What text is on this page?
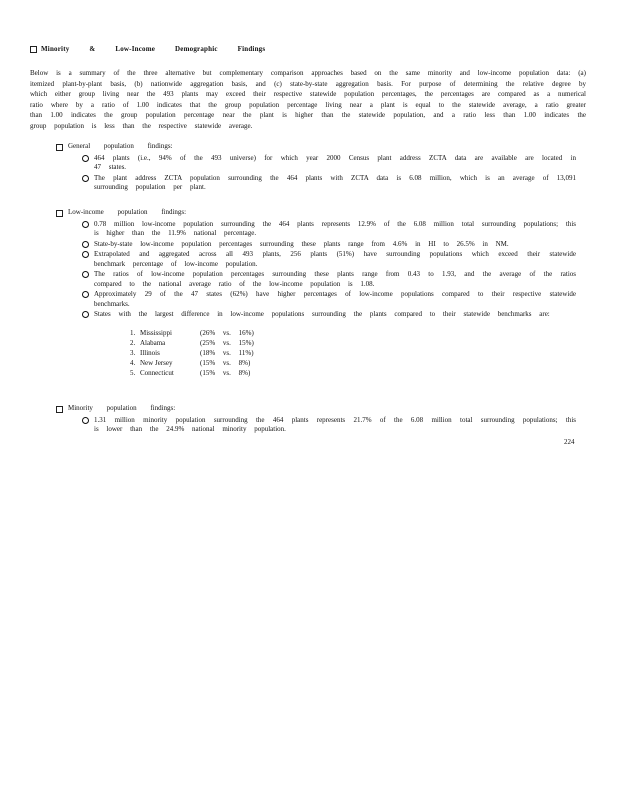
Minority & Low-Income Demographic Findings
Below is a summary of the three alternative but complementary comparison approaches based on the same minority and low-income population data: (a) itemized plant-by-plant basis, (b) nationwide aggregation basis, and (c) state-by-state aggregation basis. For purpose of determining the relative degree by which either group living near the 493 plants may exceed their respective statewide population percentages, the percentages are compared as a numerical ratio where by a ratio of 1.00 indicates that the group population percentage living near a plant is equal to the statewide average, a ratio greater than 1.00 indicates the group population percentage near the plant is higher than the statewide population, and a ratio less than 1.00 indicates the group population is less than the respective statewide average.
General population findings:
464 plants (i.e., 94% of the 493 universe) for which year 2000 Census plant address ZCTA data are available are located in 47 states.
The plant address ZCTA population surrounding the 464 plants with ZCTA data is 6.08 million, which is an average of 13,091 surrounding population per plant.
Low-income population findings:
0.78 million low-income population surrounding the 464 plants represents 12.9% of the 6.08 million total surrounding populations; this is higher than the 11.9% national percentage.
State-by-state low-income population percentages surrounding these plants range from 4.6% in HI to 26.5% in NM.
Extrapolated and aggregated across all 493 plants, 256 plants (51%) have surrounding populations which exceed their statewide benchmark percentage of low-income population.
The ratios of low-income population percentages surrounding these plants range from 0.43 to 1.93, and the average of the ratios compared to the national average ratio of the low-income population is 1.08.
Approximately 29 of the 47 states (62%) have higher percentages of low-income populations compared to their respective statewide benchmarks.
States with the largest difference in low-income populations surrounding the plants compared to their statewide benchmarks are:
1. Mississippi	(26% vs. 16%)
2. Alabama	(25% vs. 15%)
3. Illinois	(18% vs. 11%)
4. New Jersey	(15% vs. 8%)
5. Connecticut	(15% vs. 8%)
Minority population findings:
1.31 million minority population surrounding the 464 plants represents 21.7% of the 6.08 million total surrounding populations; this is lower than the 24.9% national minority population.
224
